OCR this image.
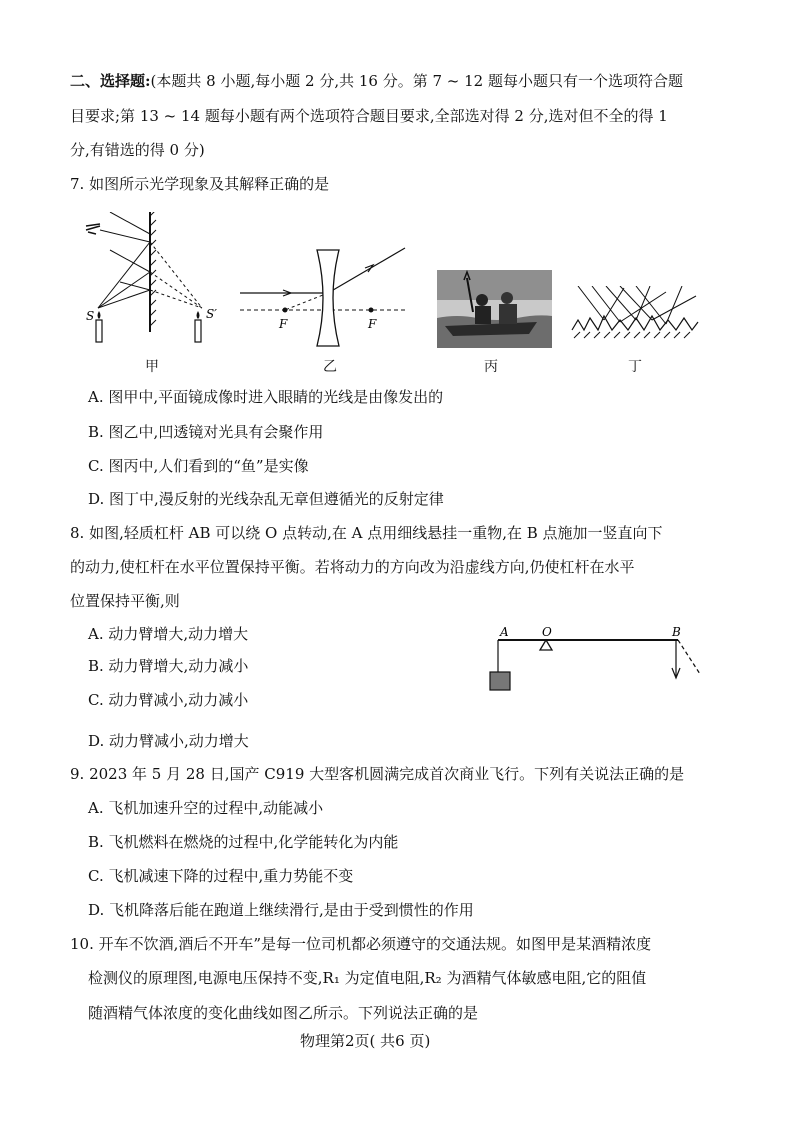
二、选择题:(本题共 8 小题,每小题 2 分,共 16 分。第 7 ~ 12 题每小题只有一个选项符合题
目要求;第 13 ~ 14 题每小题有两个选项符合题目要求,全部选对得 2 分,选对但不全的得 1
分,有错选的得 0 分)
7. 如图所示光学现象及其解释正确的是
S	S′
甲
F	F
乙	丙	丁
A. 图甲中,平面镜成像时进入眼睛的光线是由像发出的
B. 图乙中,凹透镜对光具有会聚作用
C. 图丙中,人们看到的“鱼”是实像
D. 图丁中,漫反射的光线杂乱无章但遵循光的反射定律
8. 如图,轻质杠杆 AB 可以绕 O 点转动,在 A 点用细线悬挂一重物,在 B 点施加一竖直向下
的动力,使杠杆在水平位置保持平衡。若将动力的方向改为沿虚线方向,仍使杠杆在水平
位置保持平衡,则
A	O	B
A. 动力臂增大,动力增大
B. 动力臂增大,动力减小
C. 动力臂减小,动力减小
D. 动力臂减小,动力增大
9. 2023 年 5 月 28 日,国产 C919 大型客机圆满完成首次商业飞行。下列有关说法正确的是
A. 飞机加速升空的过程中,动能减小
B. 飞机燃料在燃烧的过程中,化学能转化为内能
C. 飞机减速下降的过程中,重力势能不变
D. 飞机降落后能在跑道上继续滑行,是由于受到惯性的作用
10. 开车不饮酒,酒后不开车”是每一位司机都必须遵守的交通法规。如图甲是某酒精浓度
检测仪的原理图,电源电压保持不变,R₁ 为定值电阻,R₂ 为酒精气体敏感电阻,它的阻值
随酒精气体浓度的变化曲线如图乙所示。下列说法正确的是
物理第2页( 共6 页)
